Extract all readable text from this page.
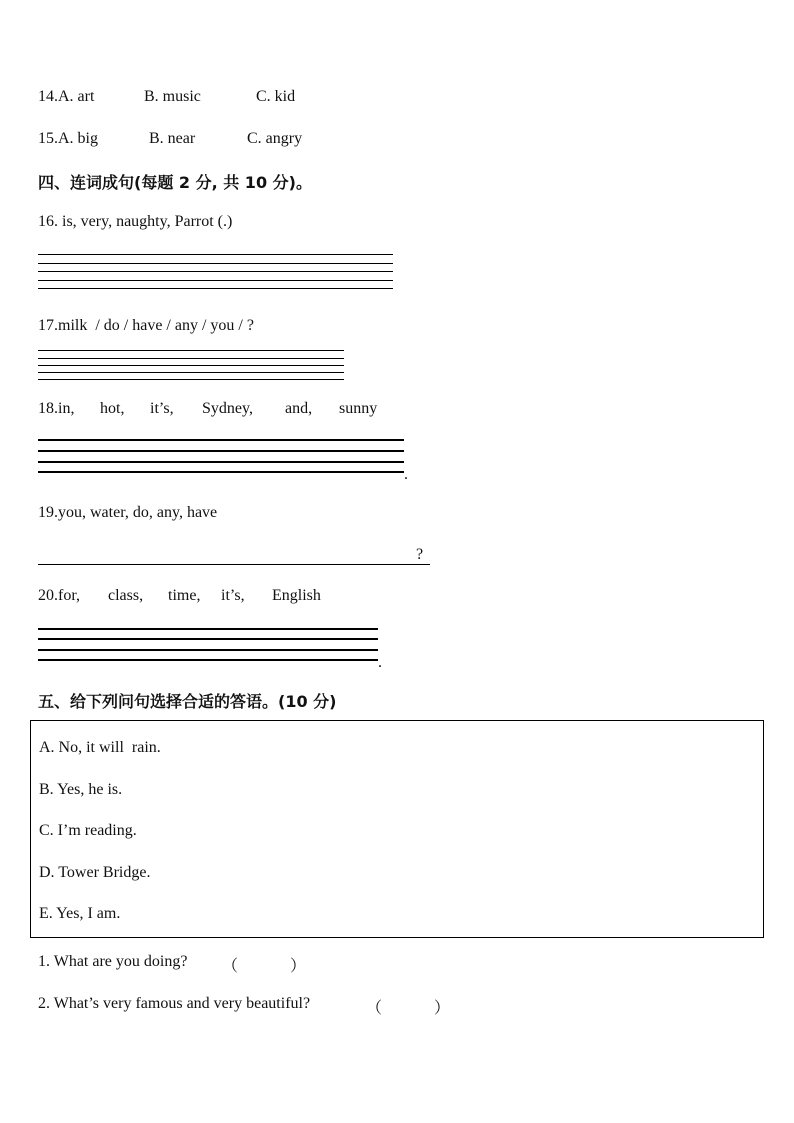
14. A. art	B. music	C. kid
15. A. big	B. near	C. angry
四、连词成句(每题 2 分, 共 10 分)。
16. is, very, naughty, Parrot (.)
17. milk  / do / have / any / you / ?
18. in,	hot,	it’s,	Sydney,	and,	sunny
.
19. you, water, do, any, have
?
20. for,	class,	time,	it’s,	English
.
五、给下列问句选择合适的答语。(10 分)
A. No, it will  rain.
B. Yes, he is.
C. I’m reading.
D. Tower Bridge.
E. Yes, I am.
1. What are you doing? （	）
2. What’s very famous and very beautiful?	（	）
